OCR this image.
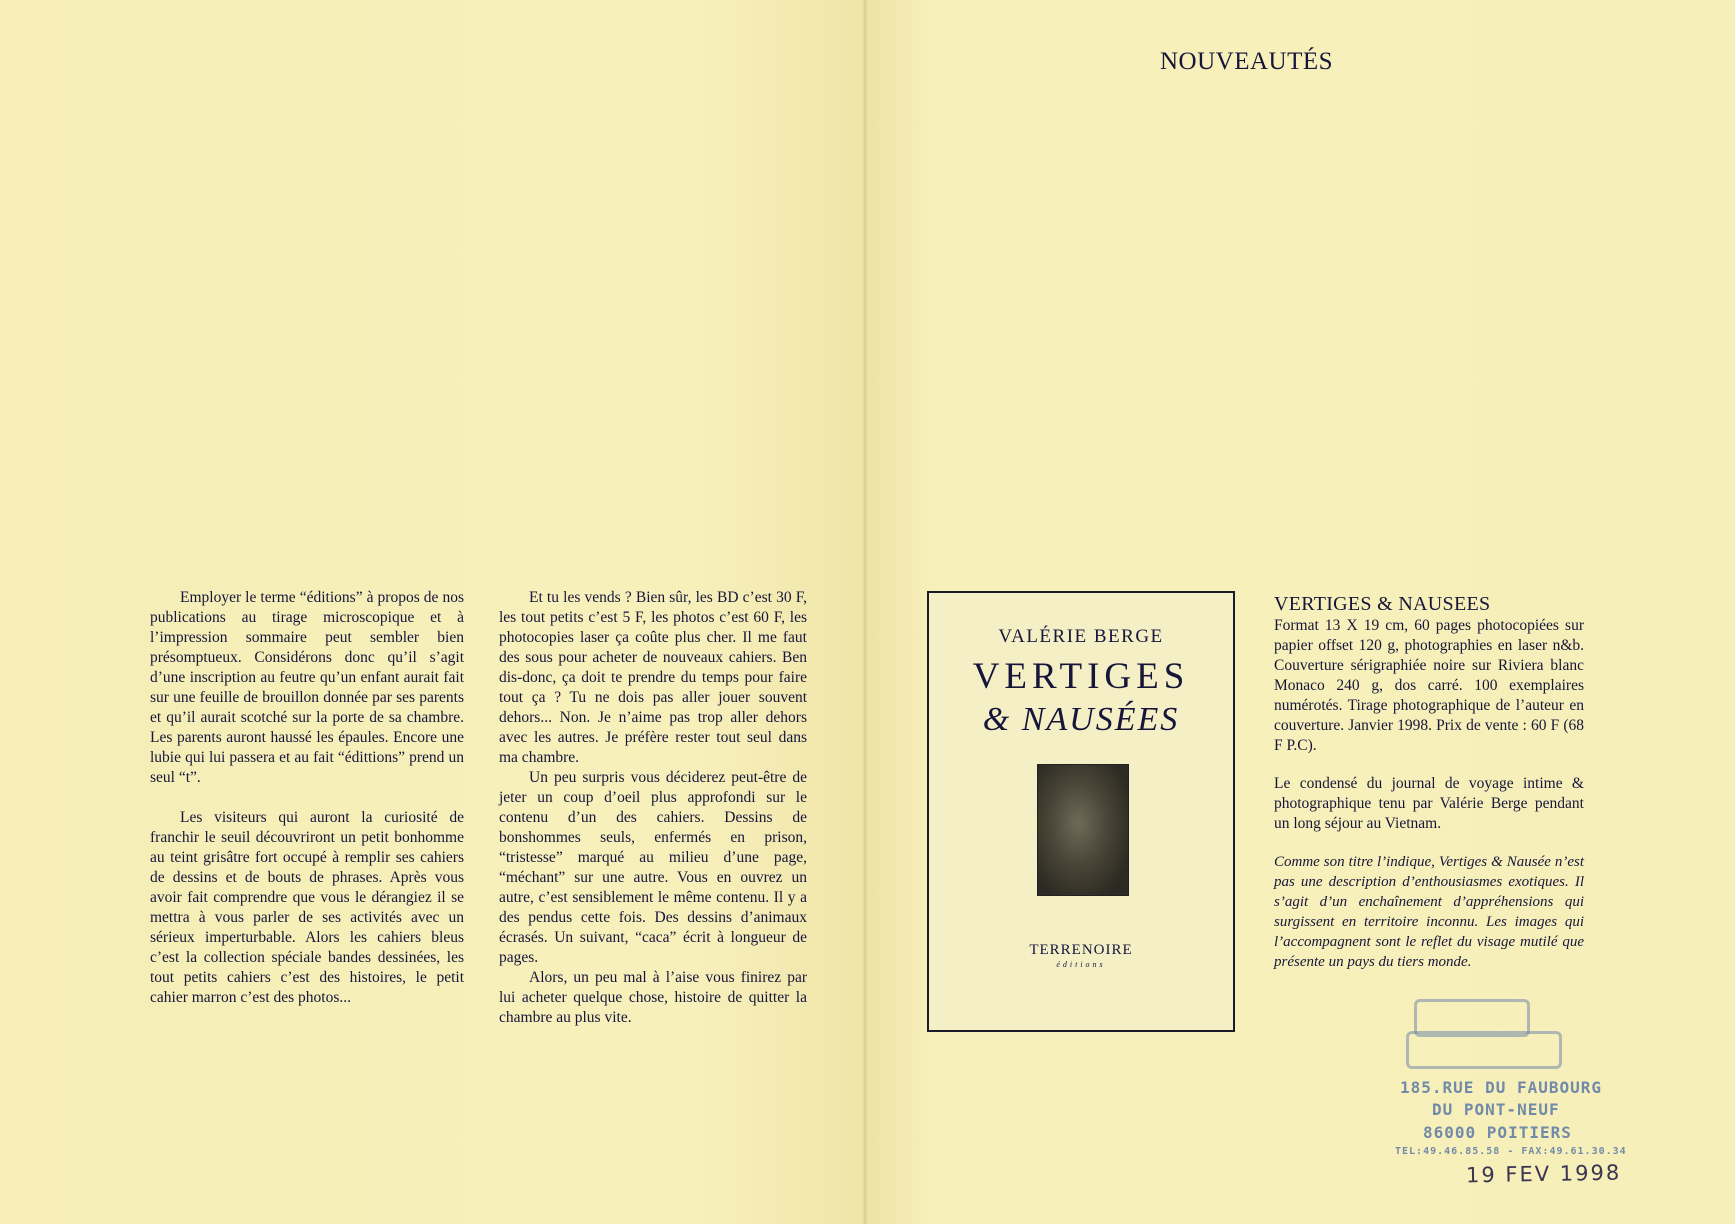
Employer le terme “éditions” à propos de nos publications au tirage microscopique et à l’impression sommaire peut sembler bien présomptueux. Considérons donc qu’il s’agit d’une inscription au feutre qu’un enfant aurait fait sur une feuille de brouillon donnée par ses parents et qu’il aurait scotché sur la porte de sa chambre. Les parents auront haussé les épaules. Encore une lubie qui lui passera et au fait “édittions” prend un seul “t”.

Les visiteurs qui auront la curiosité de franchir le seuil découvriront un petit bonhomme au teint grisâtre fort occupé à remplir ses cahiers de dessins et de bouts de phrases. Après vous avoir fait comprendre que vous le dérangiez il se mettra à vous parler de ses activités avec un sérieux imperturbable. Alors les cahiers bleus c’est la collection spéciale bandes dessinées, les tout petits cahiers c’est des histoires, le petit cahier marron c’est des photos...

Et tu les vends ? Bien sûr, les BD c’est 30 F, les tout petits c’est 5 F, les photos c’est 60 F, les photocopies laser ça coûte plus cher. Il me faut des sous pour acheter de nouveaux cahiers. Ben dis-donc, ça doit te prendre du temps pour faire tout ça ? Tu ne dois pas aller jouer souvent dehors... Non. Je n’aime pas trop aller dehors avec les autres. Je préfère rester tout seul dans ma chambre.

Un peu surpris vous déciderez peut-être de jeter un coup d’oeil plus approfondi sur le contenu d’un des cahiers. Dessins de bonshommes seuls, enfermés en prison, “tristesse” marqué au milieu d’une page, “méchant” sur une autre. Vous en ouvrez un autre, c’est sensiblement le même contenu. Il y a des pendus cette fois. Des dessins d’animaux écrasés. Un suivant, “caca” écrit à longueur de pages.

Alors, un peu mal à l’aise vous finirez par lui acheter quelque chose, histoire de quitter la chambre au plus vite.

NOUVEAUTÉS
VALÉRIE BERGE
VERTIGES
& NAUSÉES
TERRENOIRE
éditions
VERTIGES & NAUSEES

Format 13 X 19 cm, 60 pages photocopiées sur papier offset 120 g, photographies en laser n&b. Couverture sérigraphiée noire sur Riviera blanc Monaco 240 g, dos carré. 100 exemplaires numérotés. Tirage photographique de l’auteur en couverture. Janvier 1998. Prix de vente : 60 F (68 F P.C).

Le condensé du journal de voyage intime & photographique tenu par Valérie Berge pendant un long séjour au Vietnam.

Comme son titre l’indique, Vertiges & Nausée n’est pas une description d’enthousiasmes exotiques. Il s’agit d’un enchaînement d’appréhensions qui surgissent en territoire inconnu. Les images qui l’accompagnent sont le reflet du visage mutilé que présente un pays du tiers monde.

185.RUE DU FAUBOURG
DU PONT-NEUF
86000 POITIERS
TEL:49.46.85.58 - FAX:49.61.30.34
19 FEV 1998
